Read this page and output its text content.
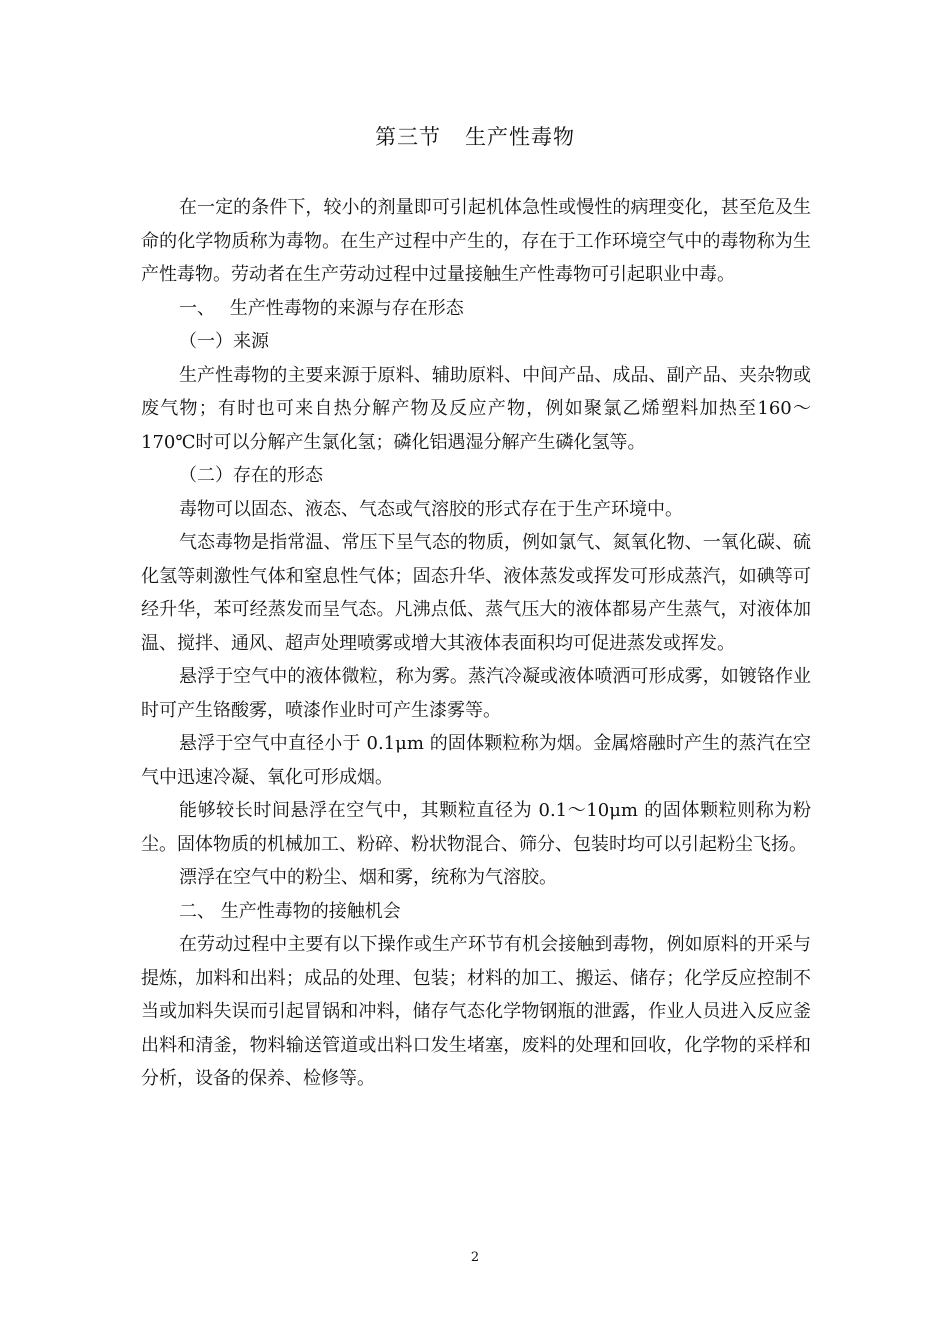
第三节 生产性毒物

在一定的条件下，较小的剂量即可引起机体急性或慢性的病理变化，甚至危及生命的化学物质称为毒物。在生产过程中产生的，存在于工作环境空气中的毒物称为生产性毒物。劳动者在生产劳动过程中过量接触生产性毒物可引起职业中毒。

一、　 生产性毒物的来源与存在形态

（一）来源

生产性毒物的主要来源于原料、辅助原料、中间产品、成品、副产品、夹杂物或废气物；有时也可来自热分解产物及反应产物，例如聚氯乙烯塑料加热至160～170℃时可以分解产生氯化氢；磷化铝遇湿分解产生磷化氢等。

（二）存在的形态

毒物可以固态、液态、气态或气溶胶的形式存在于生产环境中。

气态毒物是指常温、常压下呈气态的物质，例如氯气、氮氧化物、一氧化碳、硫化氢等刺激性气体和窒息性气体；固态升华、液体蒸发或挥发可形成蒸汽，如碘等可经升华，苯可经蒸发而呈气态。凡沸点低、蒸气压大的液体都易产生蒸气，对液体加温、搅拌、通风、超声处理喷雾或增大其液体表面积均可促进蒸发或挥发。

悬浮于空气中的液体微粒，称为雾。蒸汽冷凝或液体喷洒可形成雾，如镀铬作业时可产生铬酸雾，喷漆作业时可产生漆雾等。

悬浮于空气中直径小于 0.1μm 的固体颗粒称为烟。金属熔融时产生的蒸汽在空气中迅速冷凝、氧化可形成烟。

能够较长时间悬浮在空气中，其颗粒直径为 0.1～10μm 的固体颗粒则称为粉尘。固体物质的机械加工、粉碎、粉状物混合、筛分、包装时均可以引起粉尘飞扬。

漂浮在空气中的粉尘、烟和雾，统称为气溶胶。

二、 生产性毒物的接触机会

在劳动过程中主要有以下操作或生产环节有机会接触到毒物，例如原料的开采与提炼，加料和出料；成品的处理、包装；材料的加工、搬运、储存；化学反应控制不当或加料失误而引起冒锅和冲料，储存气态化学物钢瓶的泄露，作业人员进入反应釜出料和清釜，物料输送管道或出料口发生堵塞，废料的处理和回收，化学物的采样和分析，设备的保养、检修等。

2
